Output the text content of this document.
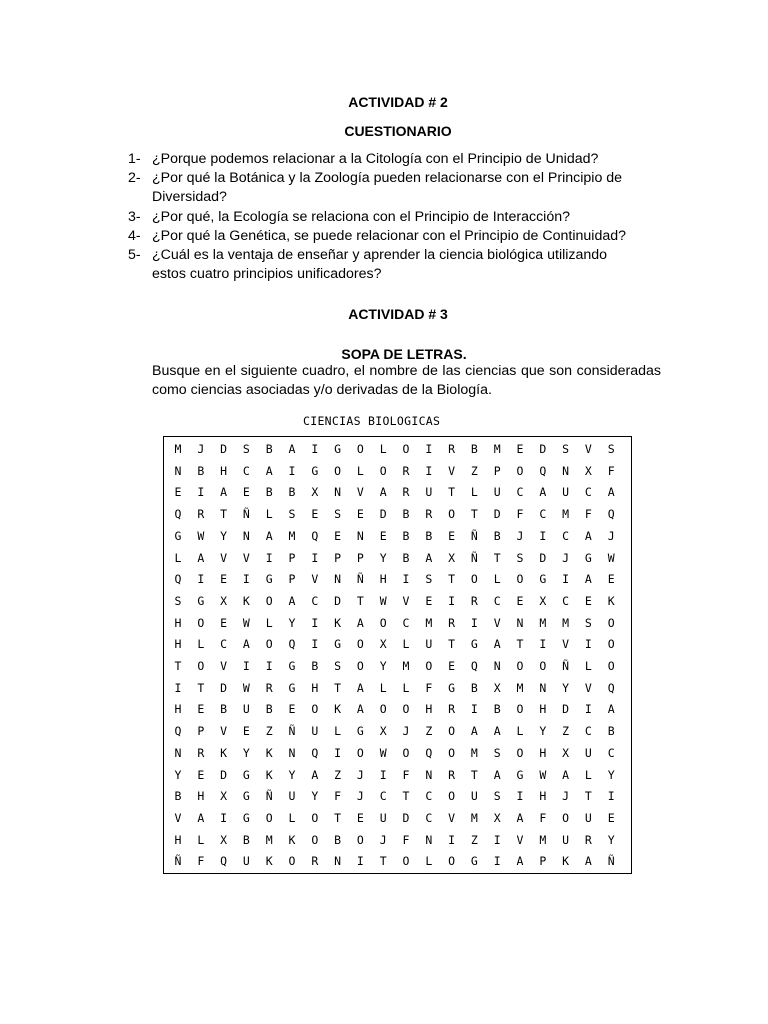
ACTIVIDAD # 2
CUESTIONARIO
1- ¿Porque podemos relacionar a la Citología con el Principio de Unidad?
2- ¿Por qué la Botánica y la Zoología pueden relacionarse con el Principio de
Diversidad?
3- ¿Por qué, la Ecología se relaciona con el Principio de Interacción?
4- ¿Por qué la Genética, se puede relacionar con el Principio de Continuidad?
5- ¿Cuál es la ventaja de enseñar y aprender la ciencia biológica utilizando
estos cuatro principios unificadores?
ACTIVIDAD # 3
SOPA DE LETRAS.
Busque en el siguiente cuadro, el nombre de las ciencias que son consideradas como ciencias asociadas y/o derivadas de la Biología.
CIENCIAS BIOLOGICAS
M	J	D	S	B	A	I	G	O	L	O	I	R	B	M	E	D	S	V	S
N	B	H	C	A	I	G	O	L	O	R	I	V	Z	P	O	Q	N	X	F
E	I	A	E	B	B	X	N	V	A	R	U	T	L	U	C	A	U	C	A
Q	R	T	Ñ	L	S	E	S	E	D	B	R	O	T	D	F	C	M	F	Q
G	W	Y	N	A	M	Q	E	N	E	B	B	E	Ñ	B	J	I	C	A	J
L	A	V	V	I	P	I	P	P	Y	B	A	X	Ñ	T	S	D	J	G	W
Q	I	E	I	G	P	V	N	Ñ	H	I	S	T	O	L	O	G	I	A	E
S	G	X	K	O	A	C	D	T	W	V	E	I	R	C	E	X	C	E	K
H	O	E	W	L	Y	I	K	A	O	C	M	R	I	V	N	M	M	S	O
H	L	C	A	O	Q	I	G	O	X	L	U	T	G	A	T	I	V	I	O
T	O	V	I	I	G	B	S	O	Y	M	O	E	Q	N	O	O	Ñ	L	O
I	T	D	W	R	G	H	T	A	L	L	F	G	B	X	M	N	Y	V	Q
H	E	B	U	B	E	O	K	A	O	O	H	R	I	B	O	H	D	I	A
Q	P	V	E	Z	Ñ	U	L	G	X	J	Z	O	A	A	L	Y	Z	C	B
N	R	K	Y	K	N	Q	I	O	W	O	Q	O	M	S	O	H	X	U	C
Y	E	D	G	K	Y	A	Z	J	I	F	N	R	T	A	G	W	A	L	Y
B	H	X	G	Ñ	U	Y	F	J	C	T	C	O	U	S	I	H	J	T	I
V	A	I	G	O	L	O	T	E	U	D	C	V	M	X	A	F	O	U	E
H	L	X	B	M	K	O	B	O	J	F	N	I	Z	I	V	M	U	R	Y
Ñ	F	Q	U	K	O	R	N	I	T	O	L	O	G	I	A	P	K	A	Ñ
